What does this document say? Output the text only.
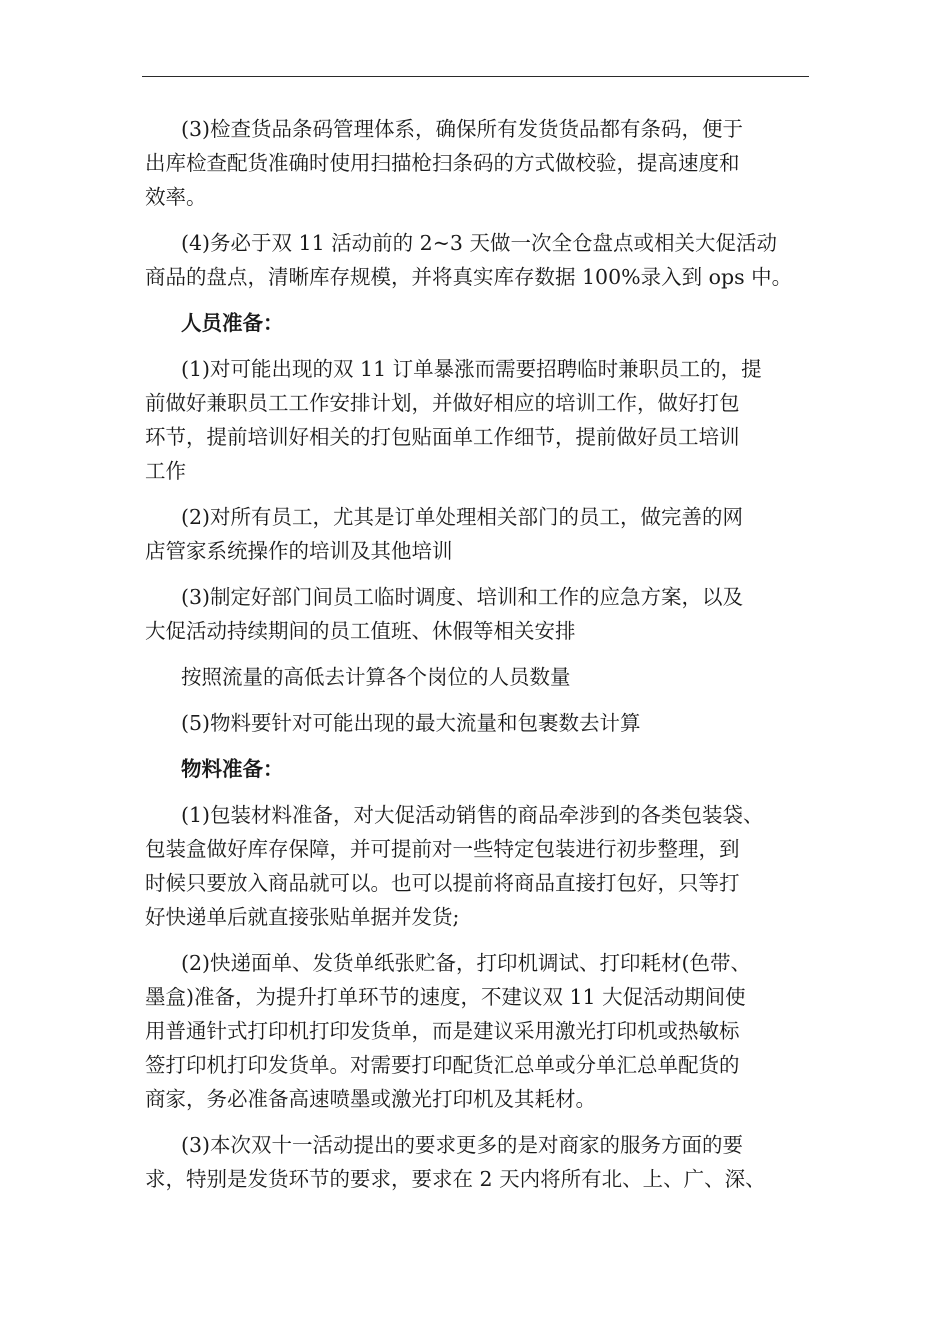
(3)检查货品条码管理体系，确保所有发货货品都有条码，便于
出库检查配货准确时使用扫描枪扫条码的方式做校验，提高速度和
效率。
(4)务必于双 11 活动前的 2~3 天做一次全仓盘点或相关大促活动
商品的盘点，清晰库存规模，并将真实库存数据 100%录入到 ops 中。
人员准备：
(1)对可能出现的双 11 订单暴涨而需要招聘临时兼职员工的，提
前做好兼职员工工作安排计划，并做好相应的培训工作，做好打包
环节，提前培训好相关的打包贴面单工作细节，提前做好员工培训
工作
(2)对所有员工，尤其是订单处理相关部门的员工，做完善的网
店管家系统操作的培训及其他培训
(3)制定好部门间员工临时调度、培训和工作的应急方案，以及
大促活动持续期间的员工值班、休假等相关安排
按照流量的高低去计算各个岗位的人员数量
(5)物料要针对可能出现的最大流量和包裹数去计算
物料准备：
(1)包装材料准备，对大促活动销售的商品牵涉到的各类包装袋、
包装盒做好库存保障，并可提前对一些特定包装进行初步整理，到
时候只要放入商品就可以。也可以提前将商品直接打包好，只等打
好快递单后就直接张贴单据并发货;
(2)快递面单、发货单纸张贮备，打印机调试、打印耗材(色带、
墨盒)准备，为提升打单环节的速度，不建议双 11 大促活动期间使
用普通针式打印机打印发货单，而是建议采用激光打印机或热敏标
签打印机打印发货单。对需要打印配货汇总单或分单汇总单配货的
商家，务必准备高速喷墨或激光打印机及其耗材。
(3)本次双十一活动提出的要求更多的是对商家的服务方面的要
求，特别是发货环节的要求，要求在 2 天内将所有北、上、广、深、
